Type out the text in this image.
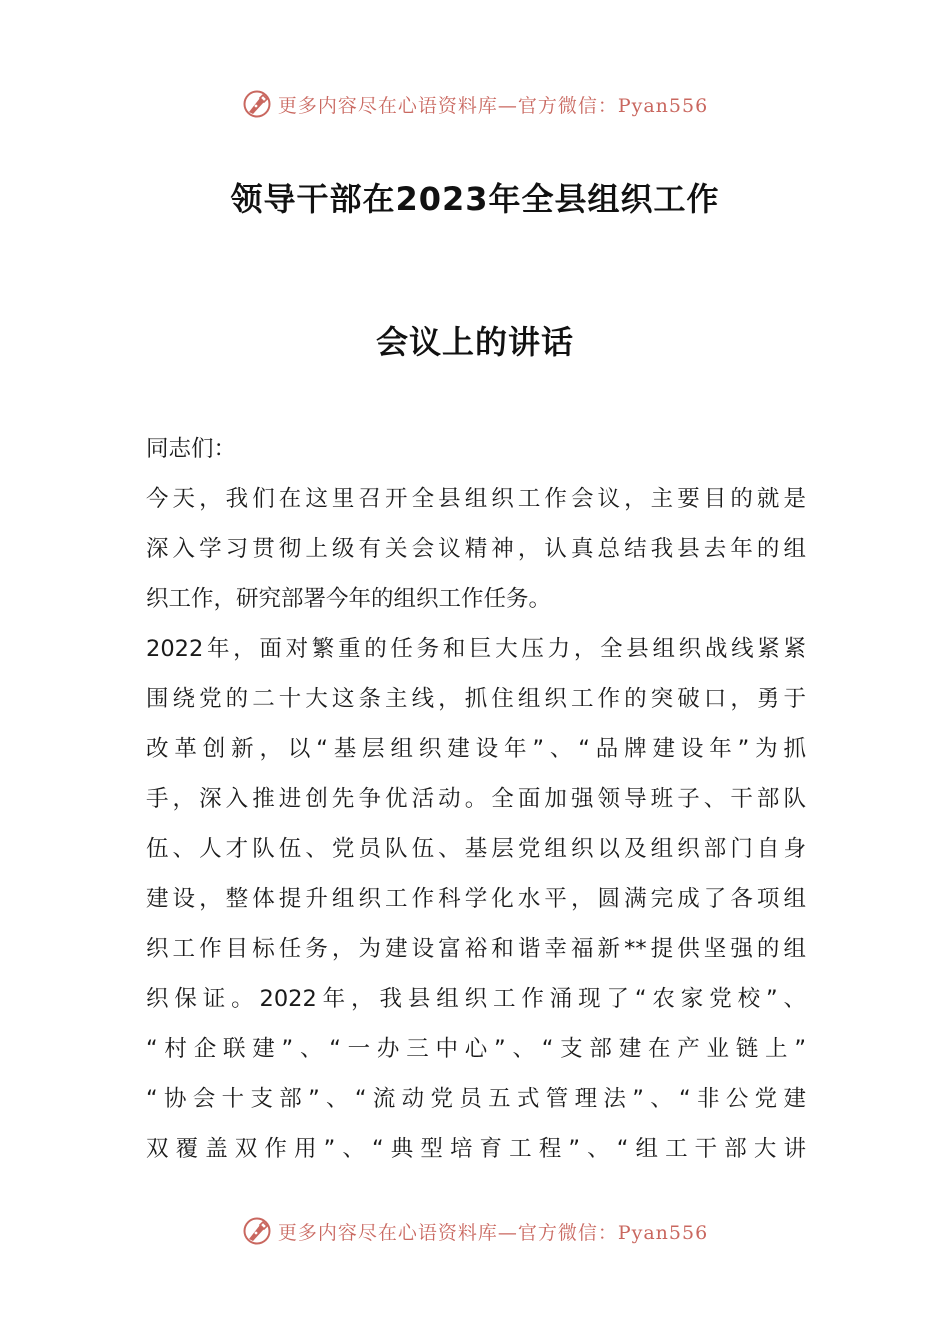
更多内容尽在心语资料库—官方微信：Pyan556
领导干部在2023年全县组织工作
会议上的讲话
同志们：
今天，我们在这里召开全县组织工作会议，主要目的就是
深入学习贯彻上级有关会议精神，认真总结我县去年的组
织工作，研究部署今年的组织工作任务。
2022年，面对繁重的任务和巨大压力，全县组织战线紧紧
围绕党的二十大这条主线，抓住组织工作的突破口，勇于
改革创新，以“基层组织建设年”、“品牌建设年”为抓
手，深入推进创先争优活动。全面加强领导班子、干部队
伍、人才队伍、党员队伍、基层党组织以及组织部门自身
建设，整体提升组织工作科学化水平，圆满完成了各项组
织工作目标任务，为建设富裕和谐幸福新**提供坚强的组
织保证。2022年，我县组织工作涌现了“农家党校”、
“村企联建”、“一办三中心”、“支部建在产业链上”
“协会十支部”、“流动党员五式管理法”、“非公党建
双覆盖双作用”、“典型培育工程”、“组工干部大讲
更多内容尽在心语资料库—官方微信：Pyan556
